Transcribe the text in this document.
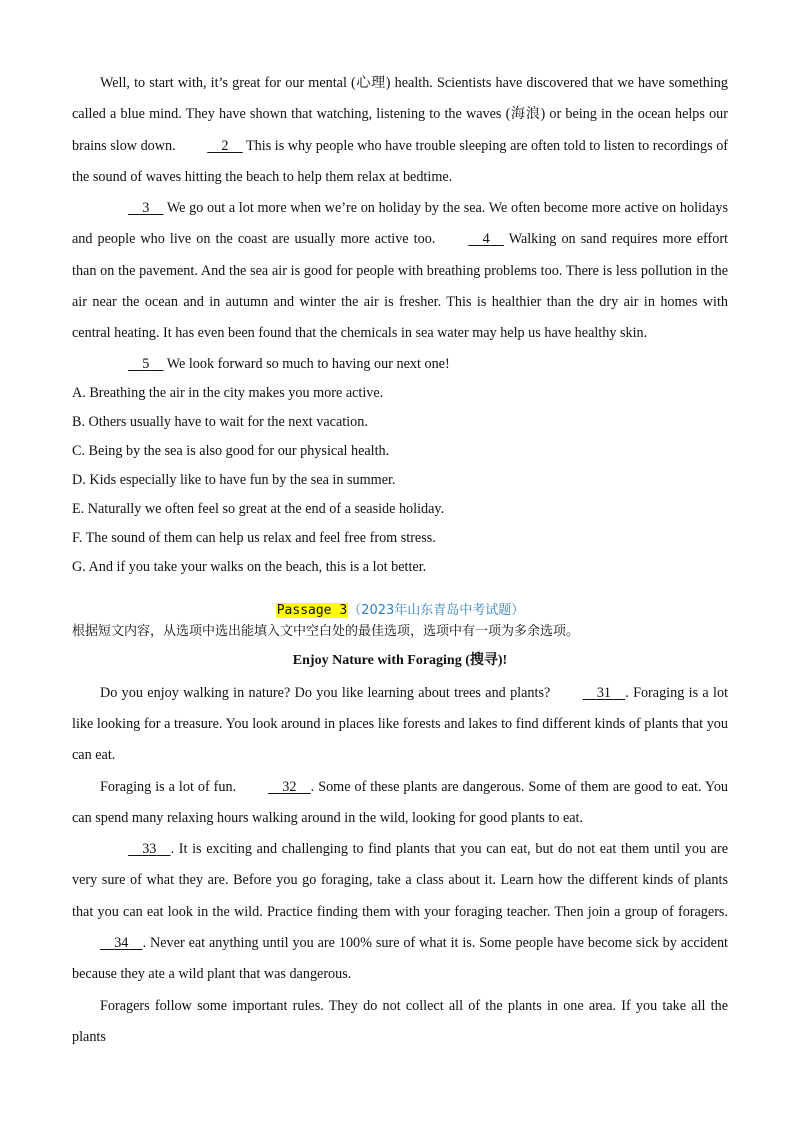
Well, to start with, it’s great for our mental (心理) health. Scientists have discovered that we have something called a blue mind. They have shown that watching, listening to the waves (海浪) or being in the ocean helps our brains slow down.	2 This is why people who have trouble sleeping are often told to listen to recordings of the sound of waves hitting the beach to help them relax at bedtime.

3 We go out a lot more when we’re on holiday by the sea. We often become more active on holidays and people who live on the coast are usually more active too.	4 Walking on sand requires more effort than on the pavement. And the sea air is good for people with breathing problems too. There is less pollution in the air near the ocean and in autumn and winter the air is fresher. This is healthier than the dry air in homes with central heating. It has even been found that the chemicals in sea water may help us have healthy skin.

5 We look forward so much to having our next one!

A. Breathing the air in the city makes you more active.

B. Others usually have to wait for the next vacation.

C. Being by the sea is also good for our physical health.

D. Kids especially like to have fun by the sea in summer.

E. Naturally we often feel so great at the end of a seaside holiday.

F. The sound of them can help us relax and feel free from stress.

G. And if you take your walks on the beach, this is a lot better.

Passage 3（2023年山东青岛中考试题）

根据短文内容，从选项中选出能填入文中空白处的最佳选项，选项中有一项为多余选项。

Enjoy Nature with Foraging (搜寻)!

Do you enjoy walking in nature? Do you like learning about trees and plants?	31 . Foraging is a lot like looking for a treasure. You look around in places like forests and lakes to find different kinds of plants that you can eat.

Foraging is a lot of fun.	32 . Some of these plants are dangerous. Some of them are good to eat. You can spend many relaxing hours walking around in the wild, looking for good plants to eat.

33 . It is exciting and challenging to find plants that you can eat, but do not eat them until you are very sure of what they are. Before you go foraging, take a class about it. Learn how the different kinds of plants that you can eat look in the wild. Practice finding them with your foraging teacher. Then join a group of foragers.     34 . Never eat anything until you are 100% sure of what it is. Some people have become sick by accident because they ate a wild plant that was dangerous.

Foragers follow some important rules. They do not collect all of the plants in one area. If you take all the plants
